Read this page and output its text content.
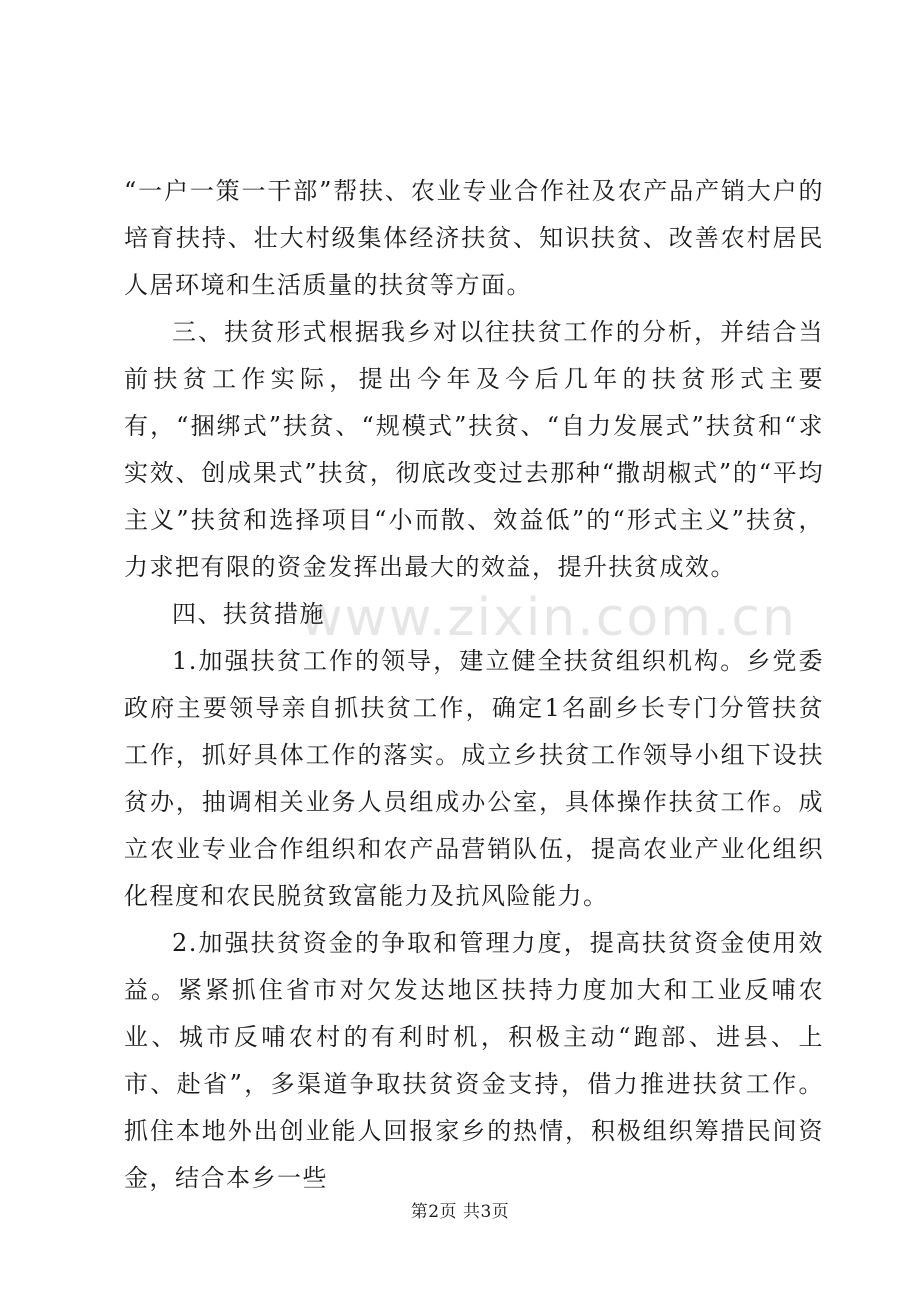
www.zixin.com.cn

“一户一策一干部”帮扶、农业专业合作社及农产品产销大户的培育扶持、壮大村级集体经济扶贫、知识扶贫、改善农村居民人居环境和生活质量的扶贫等方面。

三、扶贫形式根据我乡对以往扶贫工作的分析，并结合当前扶贫工作实际，提出今年及今后几年的扶贫形式主要有，“捆绑式”扶贫、“规模式”扶贫、“自力发展式”扶贫和“求实效、创成果式”扶贫，彻底改变过去那种“撒胡椒式”的“平均主义”扶贫和选择项目“小而散、效益低”的“形式主义”扶贫，力求把有限的资金发挥出最大的效益，提升扶贫成效。

四、扶贫措施

1.加强扶贫工作的领导，建立健全扶贫组织机构。乡党委政府主要领导亲自抓扶贫工作，确定1名副乡长专门分管扶贫工作，抓好具体工作的落实。成立乡扶贫工作领导小组下设扶贫办，抽调相关业务人员组成办公室，具体操作扶贫工作。成立农业专业合作组织和农产品营销队伍，提高农业产业化组织化程度和农民脱贫致富能力及抗风险能力。

2.加强扶贫资金的争取和管理力度，提高扶贫资金使用效益。紧紧抓住省市对欠发达地区扶持力度加大和工业反哺农业、城市反哺农村的有利时机，积极主动“跑部、进县、上市、赴省”，多渠道争取扶贫资金支持，借力推进扶贫工作。抓住本地外出创业能人回报家乡的热情，积极组织筹措民间资金，结合本乡一些

第2页 共3页
